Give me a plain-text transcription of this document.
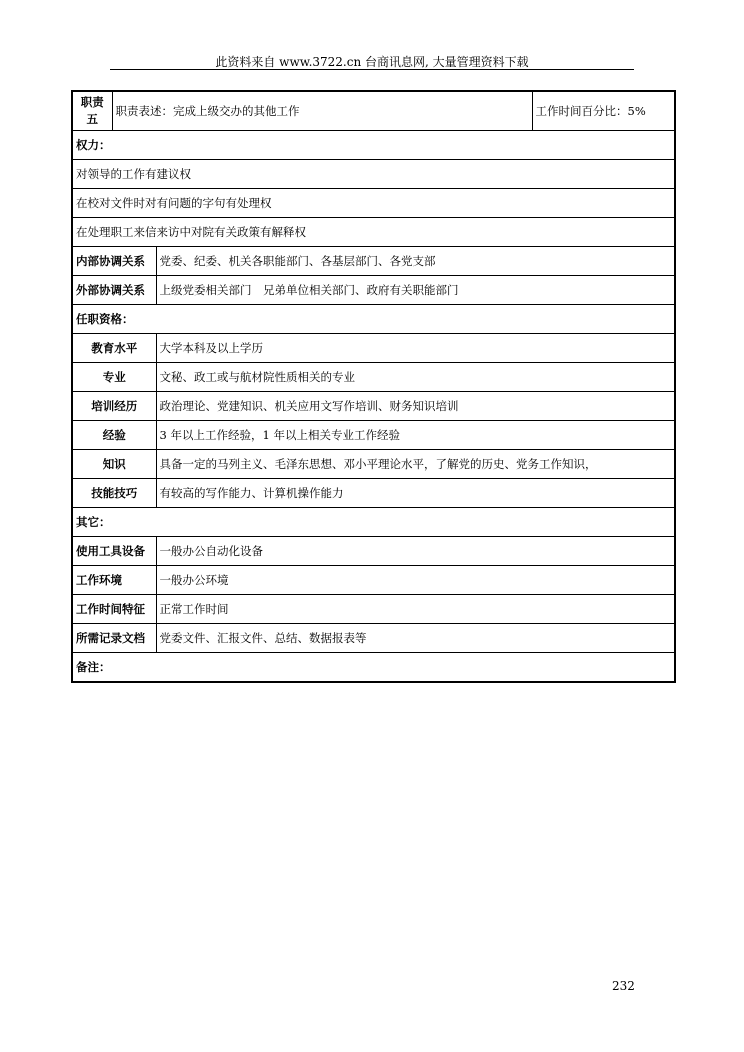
此资料来自 www.3722.cn 台商讯息网, 大量管理资料下载
职责五	职责表述：完成上级交办的其他工作		工作时间百分比：5%
权力：			
对领导的工作有建议权			
在校对文件时对有问题的字句有处理权			
在处理职工来信来访中对院有关政策有解释权			
内部协调关系		党委、纪委、机关各职能部门、各基层部门、各党支部	
外部协调关系		上级党委相关部门　兄弟单位相关部门、政府有关职能部门	
任职资格：			
教育水平		大学本科及以上学历	
专业		文秘、政工或与航材院性质相关的专业	
培训经历		政治理论、党建知识、机关应用文写作培训、财务知识培训	
经验		3 年以上工作经验，1 年以上相关专业工作经验	
知识		具备一定的马列主义、毛泽东思想、邓小平理论水平，了解党的历史、党务工作知识，	
技能技巧		有较高的写作能力、计算机操作能力	
其它：			
使用工具设备		一般办公自动化设备	
工作环境		一般办公环境	
工作时间特征		正常工作时间	
所需记录文档		党委文件、汇报文件、总结、数据报表等	
备注：			
232
